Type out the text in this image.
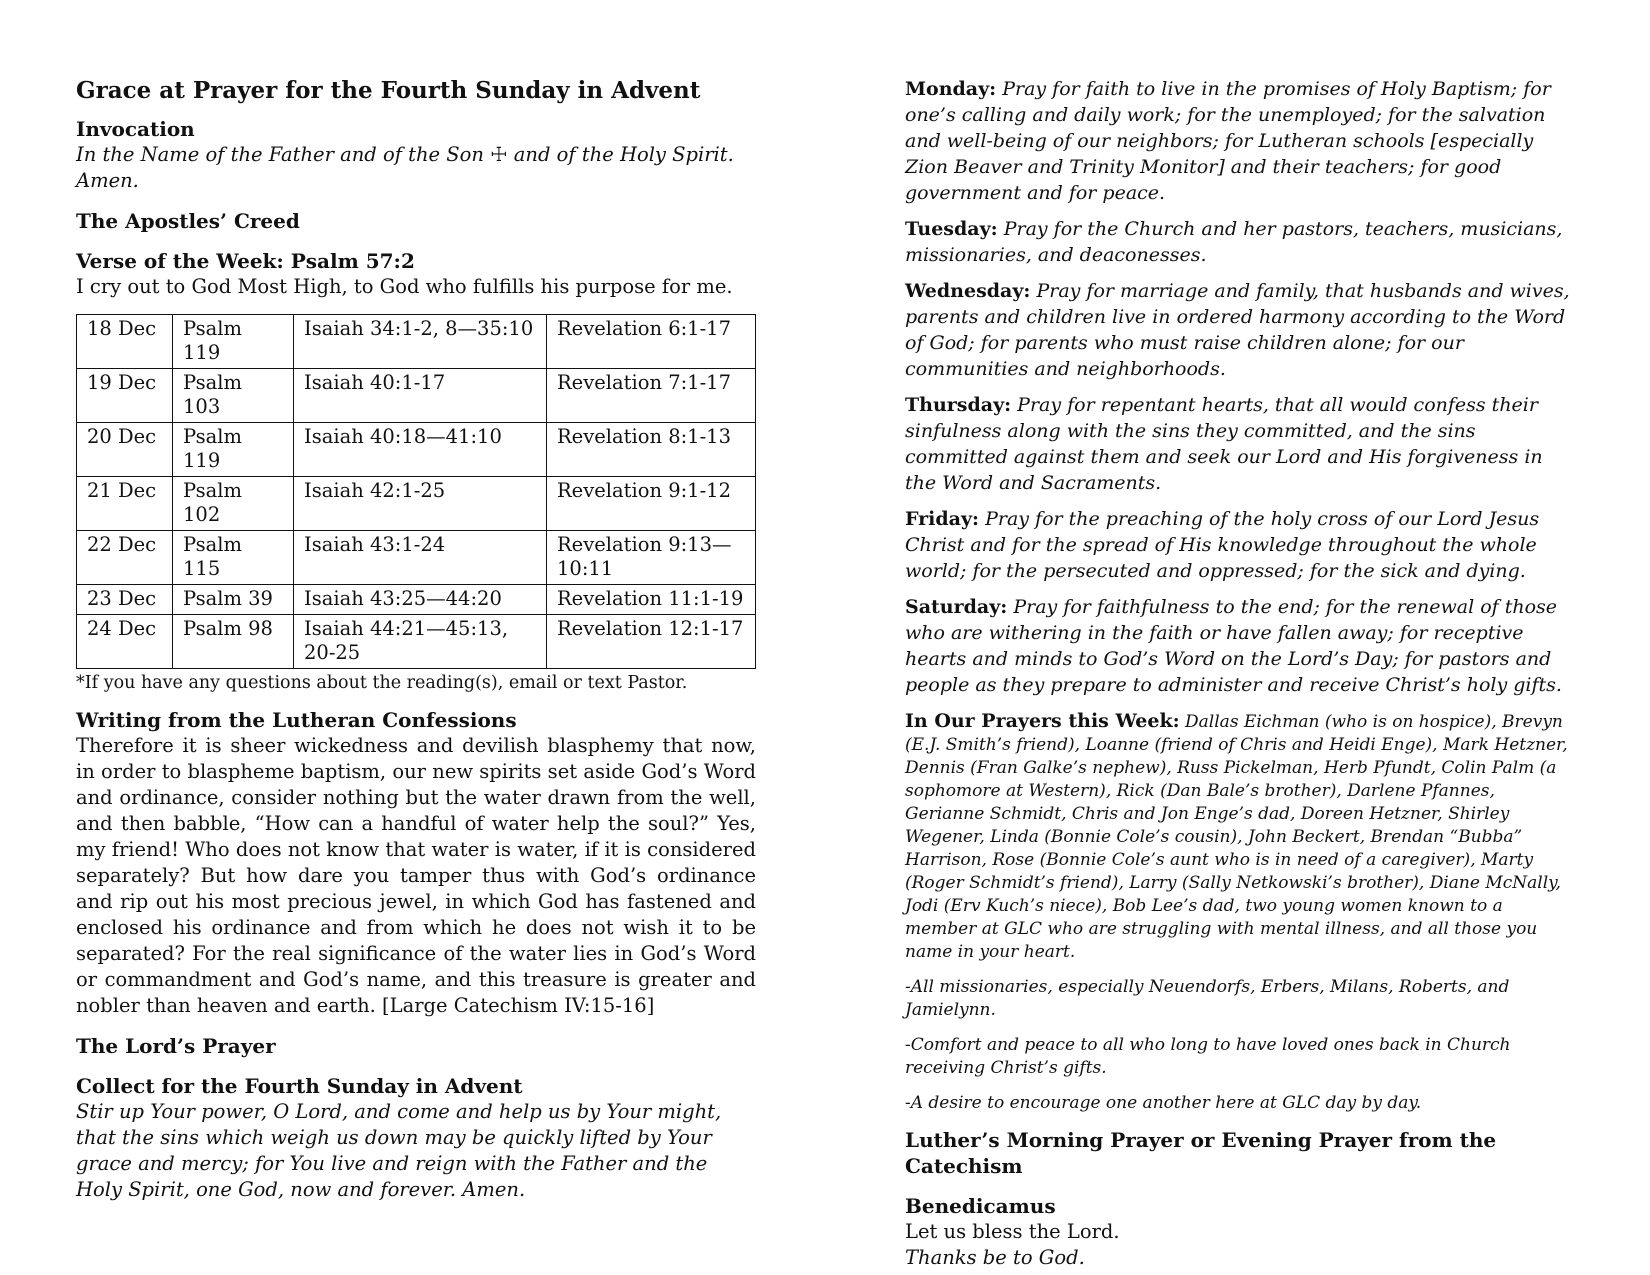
Grace at Prayer for the Fourth Sunday in Advent

Invocation

In the Name of the Father and of the Son ☩ and of the Holy Spirit. Amen.

The Apostles’ Creed

Verse of the Week: Psalm 57:2

I cry out to God Most High, to God who fulfills his purpose for me.

18 Dec	Psalm 119	Isaiah 34:1-2, 8—35:10	Revelation 6:1-17
19 Dec	Psalm 103	Isaiah 40:1-17	Revelation 7:1-17
20 Dec	Psalm 119	Isaiah 40:18—41:10	Revelation 8:1-13
21 Dec	Psalm 102	Isaiah 42:1-25	Revelation 9:1-12
22 Dec	Psalm 115	Isaiah 43:1-24	Revelation 9:13—10:11
23 Dec	Psalm 39	Isaiah 43:25—44:20	Revelation 11:1-19
24 Dec	Psalm 98	Isaiah 44:21—45:13, 20-25	Revelation 12:1-17

*If you have any questions about the reading(s), email or text Pastor.

Writing from the Lutheran Confessions

Therefore it is sheer wickedness and devilish blasphemy that now, in order to blaspheme baptism, our new spirits set aside God’s Word and ordinance, consider nothing but the water drawn from the well, and then babble, “How can a handful of water help the soul?” Yes, my friend! Who does not know that water is water, if it is considered separately? But how dare you tamper thus with God’s ordinance and rip out his most precious jewel, in which God has fastened and enclosed his ordinance and from which he does not wish it to be separated? For the real significance of the water lies in God’s Word or commandment and God’s name, and this treasure is greater and nobler than heaven and earth. [Large Catechism IV:15-16]

The Lord’s Prayer

Collect for the Fourth Sunday in Advent

Stir up Your power, O Lord, and come and help us by Your might, that the sins which weigh us down may be quickly lifted by Your grace and mercy; for You live and reign with the Father and the Holy Spirit, one God, now and forever. Amen.

Monday: Pray for faith to live in the promises of Holy Baptism; for one’s calling and daily work; for the unemployed; for the salvation and well-being of our neighbors; for Lutheran schools [especially Zion Beaver and Trinity Monitor] and their teachers; for good government and for peace.

Tuesday: Pray for the Church and her pastors, teachers, musicians, missionaries, and deaconesses.

Wednesday: Pray for marriage and family, that husbands and wives, parents and children live in ordered harmony according to the Word of God; for parents who must raise children alone; for our communities and neighborhoods.

Thursday: Pray for repentant hearts, that all would confess their sinfulness along with the sins they committed, and the sins committed against them and seek our Lord and His forgiveness in the Word and Sacraments.

Friday: Pray for the preaching of the holy cross of our Lord Jesus Christ and for the spread of His knowledge throughout the whole world; for the persecuted and oppressed; for the sick and dying.

Saturday: Pray for faithfulness to the end; for the renewal of those who are withering in the faith or have fallen away; for receptive hearts and minds to God’s Word on the Lord’s Day; for pastors and people as they prepare to administer and receive Christ’s holy gifts.

In Our Prayers this Week: Dallas Eichman (who is on hospice), Brevyn (E.J. Smith’s friend), Loanne (friend of Chris and Heidi Enge), Mark Hetzner, Dennis (Fran Galke’s nephew), Russ Pickelman, Herb Pfundt, Colin Palm (a sophomore at Western), Rick (Dan Bale’s brother), Darlene Pfannes, Gerianne Schmidt, Chris and Jon Enge’s dad, Doreen Hetzner, Shirley Wegener, Linda (Bonnie Cole’s cousin), John Beckert, Brendan “Bubba” Harrison, Rose (Bonnie Cole’s aunt who is in need of a caregiver), Marty (Roger Schmidt’s friend), Larry (Sally Netkowski’s brother), Diane McNally, Jodi (Erv Kuch’s niece), Bob Lee’s dad, two young women known to a member at GLC who are struggling with mental illness, and all those you name in your heart.

-All missionaries, especially Neuendorfs, Erbers, Milans, Roberts, and Jamielynn.

-Comfort and peace to all who long to have loved ones back in Church receiving Christ’s gifts.

-A desire to encourage one another here at GLC day by day.

Luther’s Morning Prayer or Evening Prayer from the Catechism

Benedicamus

Let us bless the Lord.

Thanks be to God.
